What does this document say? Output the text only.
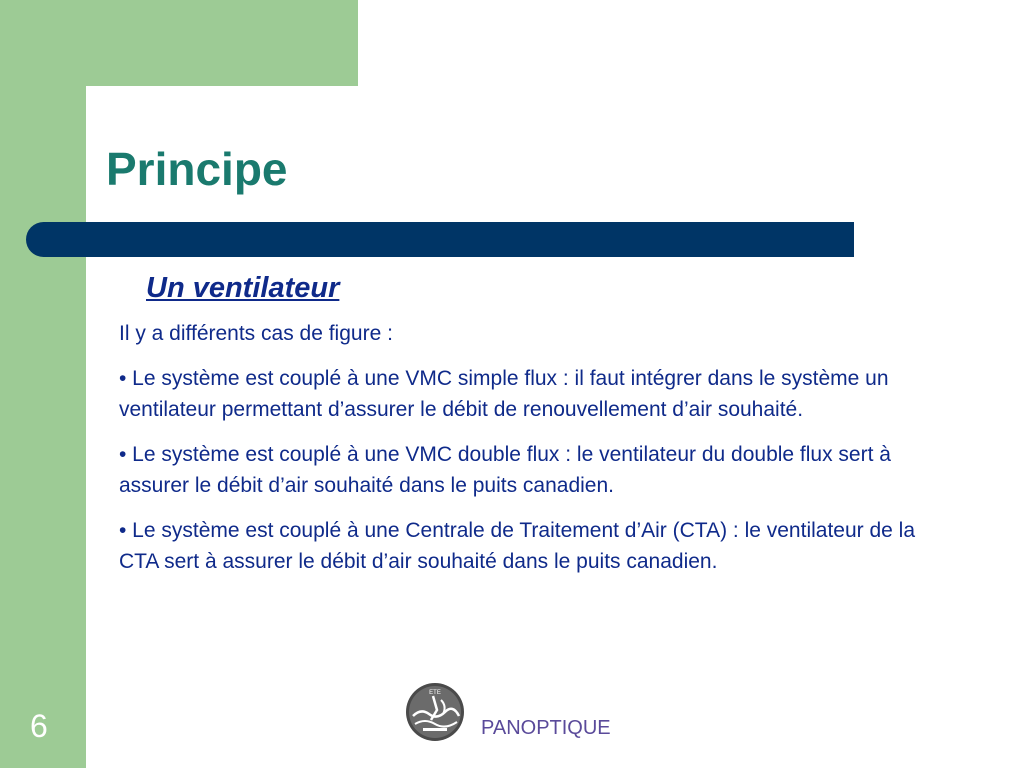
Principe
Un ventilateur

Il y a différents cas de figure :

• Le système est couplé à une VMC simple flux : il faut intégrer dans le système un ventilateur permettant d’assurer le débit de renouvellement d’air souhaité.

• Le système est couplé à une VMC double flux : le ventilateur du double flux sert à assurer le débit d’air souhaité dans le puits canadien.

• Le système est couplé à une Centrale de Traitement d’Air (CTA) : le ventilateur de la CTA sert à assurer le débit d’air souhaité dans le puits canadien.

6
ETE
PANOPTIQUE
